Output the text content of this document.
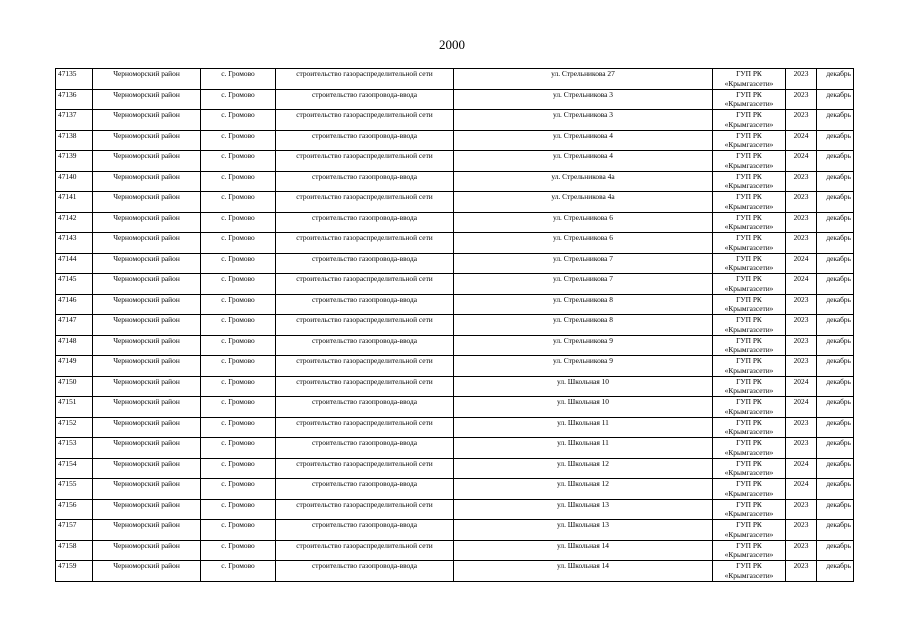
2000
47135	Черноморский район	с. Громово	строительство газораспределительной сети	ул. Стрельникова 27	ГУП РК
«Крымгазсети»	2023	декабрь
47136	Черноморский район	с. Громово	строительство газопровода-ввода	ул. Стрельникова 3	ГУП РК
«Крымгазсети»	2023	декабрь
47137	Черноморский район	с. Громово	строительство газораспределительной сети	ул. Стрельникова 3	ГУП РК
«Крымгазсети»	2023	декабрь
47138	Черноморский район	с. Громово	строительство газопровода-ввода	ул. Стрельникова 4	ГУП РК
«Крымгазсети»	2024	декабрь
47139	Черноморский район	с. Громово	строительство газораспределительной сети	ул. Стрельникова 4	ГУП РК
«Крымгазсети»	2024	декабрь
47140	Черноморский район	с. Громово	строительство газопровода-ввода	ул. Стрельникова 4а	ГУП РК
«Крымгазсети»	2023	декабрь
47141	Черноморский район	с. Громово	строительство газораспределительной сети	ул. Стрельникова 4а	ГУП РК
«Крымгазсети»	2023	декабрь
47142	Черноморский район	с. Громово	строительство газопровода-ввода	ул. Стрельникова 6	ГУП РК
«Крымгазсети»	2023	декабрь
47143	Черноморский район	с. Громово	строительство газораспределительной сети	ул. Стрельникова 6	ГУП РК
«Крымгазсети»	2023	декабрь
47144	Черноморский район	с. Громово	строительство газопровода-ввода	ул. Стрельникова 7	ГУП РК
«Крымгазсети»	2024	декабрь
47145	Черноморский район	с. Громово	строительство газораспределительной сети	ул. Стрельникова 7	ГУП РК
«Крымгазсети»	2024	декабрь
47146	Черноморский район	с. Громово	строительство газопровода-ввода	ул. Стрельникова 8	ГУП РК
«Крымгазсети»	2023	декабрь
47147	Черноморский район	с. Громово	строительство газораспределительной сети	ул. Стрельникова 8	ГУП РК
«Крымгазсети»	2023	декабрь
47148	Черноморский район	с. Громово	строительство газопровода-ввода	ул. Стрельникова 9	ГУП РК
«Крымгазсети»	2023	декабрь
47149	Черноморский район	с. Громово	строительство газораспределительной сети	ул. Стрельникова 9	ГУП РК
«Крымгазсети»	2023	декабрь
47150	Черноморский район	с. Громово	строительство газораспределительной сети	ул. Школьная 10	ГУП РК
«Крымгазсети»	2024	декабрь
47151	Черноморский район	с. Громово	строительство газопровода-ввода	ул. Школьная 10	ГУП РК
«Крымгазсети»	2024	декабрь
47152	Черноморский район	с. Громово	строительство газораспределительной сети	ул. Школьная 11	ГУП РК
«Крымгазсети»	2023	декабрь
47153	Черноморский район	с. Громово	строительство газопровода-ввода	ул. Школьная 11	ГУП РК
«Крымгазсети»	2023	декабрь
47154	Черноморский район	с. Громово	строительство газораспределительной сети	ул. Школьная 12	ГУП РК
«Крымгазсети»	2024	декабрь
47155	Черноморский район	с. Громово	строительство газопровода-ввода	ул. Школьная 12	ГУП РК
«Крымгазсети»	2024	декабрь
47156	Черноморский район	с. Громово	строительство газораспределительной сети	ул. Школьная 13	ГУП РК
«Крымгазсети»	2023	декабрь
47157	Черноморский район	с. Громово	строительство газопровода-ввода	ул. Школьная 13	ГУП РК
«Крымгазсети»	2023	декабрь
47158	Черноморский район	с. Громово	строительство газораспределительной сети	ул. Школьная 14	ГУП РК
«Крымгазсети»	2023	декабрь
47159	Черноморский район	с. Громово	строительство газопровода-ввода	ул. Школьная 14	ГУП РК
«Крымгазсети»	2023	декабрь
